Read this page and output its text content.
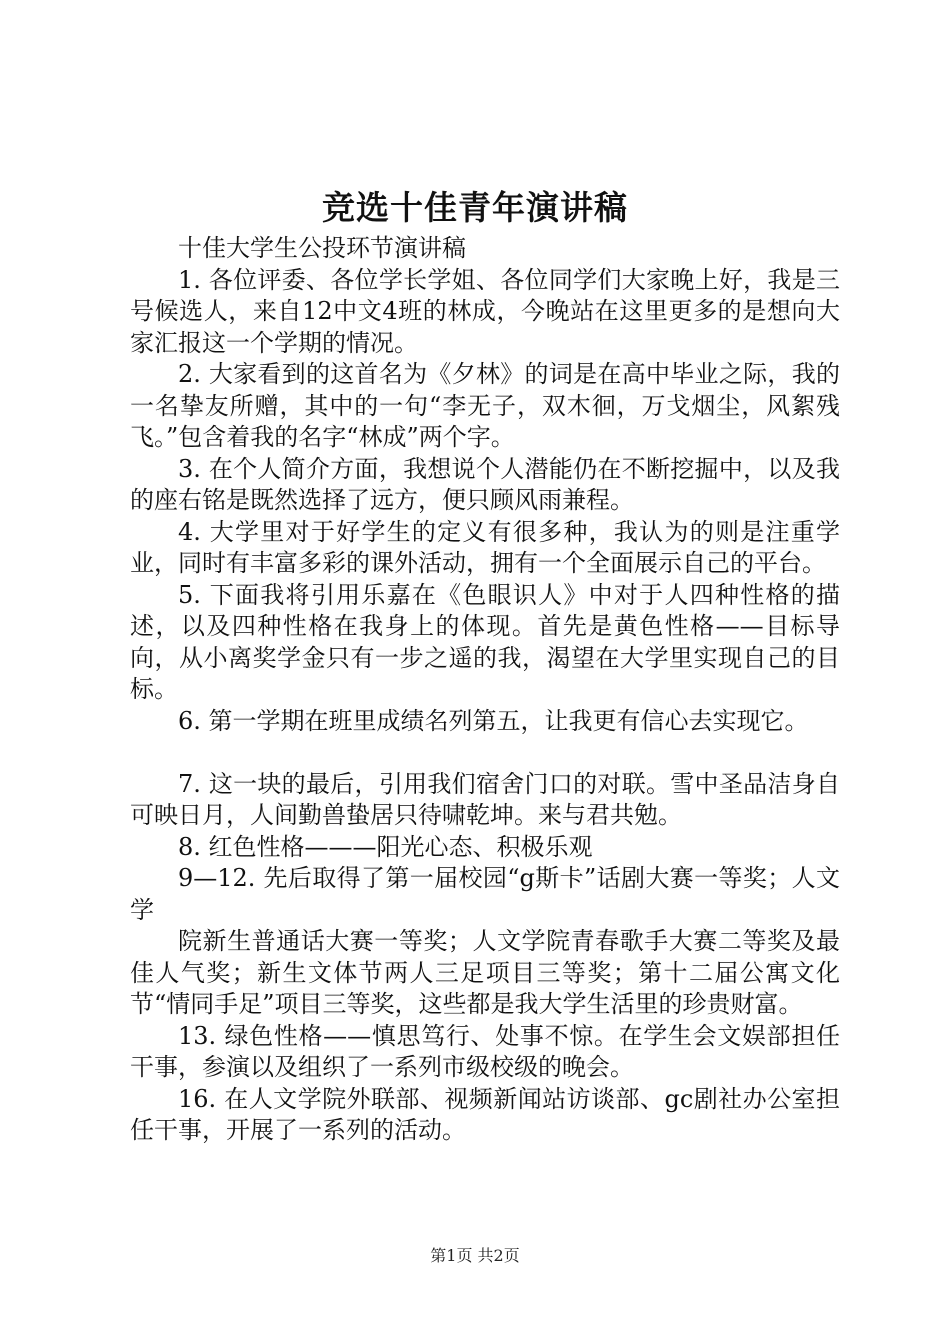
竞选十佳青年演讲稿

十佳大学生公投环节演讲稿

1. 各位评委、各位学长学姐、各位同学们大家晚上好，我是三号候选人，来自12中文4班的林成，今晚站在这里更多的是想向大家汇报这一个学期的情况。

2. 大家看到的这首名为《夕林》的词是在高中毕业之际，我的一名挚友所赠，其中的一句“李无子，双木徊，万戈烟尘，风絮残飞。”包含着我的名字“林成”两个字。

3. 在个人简介方面，我想说个人潜能仍在不断挖掘中，以及我的座右铭是既然选择了远方，便只顾风雨兼程。

4. 大学里对于好学生的定义有很多种，我认为的则是注重学业，同时有丰富多彩的课外活动，拥有一个全面展示自己的平台。

5. 下面我将引用乐嘉在《色眼识人》中对于人四种性格的描述，以及四种性格在我身上的体现。首先是黄色性格——目标导向，从小离奖学金只有一步之遥的我，渴望在大学里实现自己的目标。

6. 第一学期在班里成绩名列第五，让我更有信心去实现它。

7. 这一块的最后，引用我们宿舍门口的对联。雪中圣品洁身自可映日月，人间勤兽蛰居只待啸乾坤。来与君共勉。

8. 红色性格———阳光心态、积极乐观

9—12. 先后取得了第一届校园“g斯卡”话剧大赛一等奖；人文学

院新生普通话大赛一等奖；人文学院青春歌手大赛二等奖及最佳人气奖；新生文体节两人三足项目三等奖；第十二届公寓文化节“情同手足”项目三等奖，这些都是我大学生活里的珍贵财富。

13. 绿色性格——慎思笃行、处事不惊。在学生会文娱部担任干事，参演以及组织了一系列市级校级的晚会。

16. 在人文学院外联部、视频新闻站访谈部、gc剧社办公室担任干事，开展了一系列的活动。

第1页 共2页
